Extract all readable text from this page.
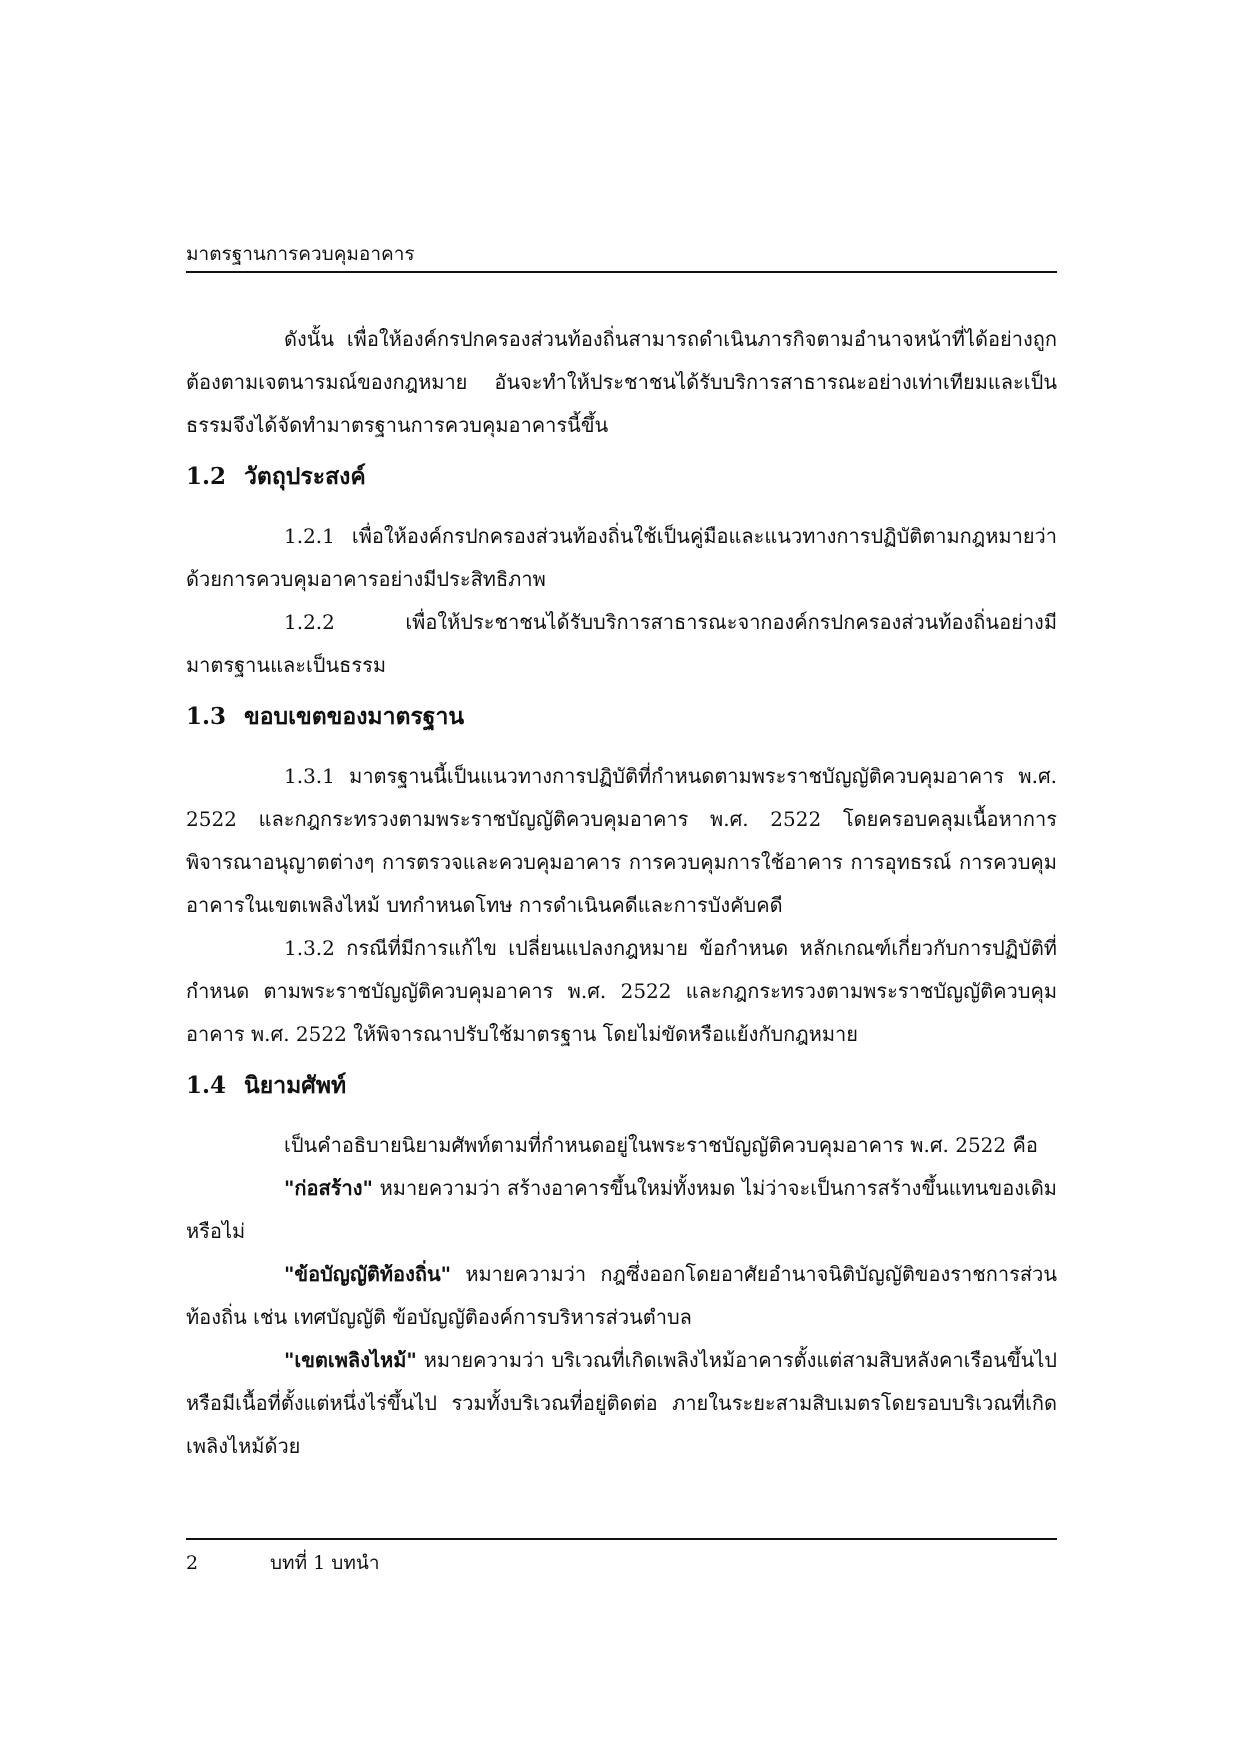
มาตรฐานการควบคุมอาคาร

ดังนั้น เพื่อให้องค์กรปกครองส่วนท้องถิ่นสามารถดำเนินภารกิจตามอำนาจหน้าที่ได้อย่างถูกต้องตามเจตนารมณ์ของกฎหมาย อันจะทำให้ประชาชนได้รับบริการสาธารณะอย่างเท่าเทียมและเป็นธรรมจึงได้จัดทำมาตรฐานการควบคุมอาคารนี้ขึ้น

1.2 วัตถุประสงค์

1.2.1 เพื่อให้องค์กรปกครองส่วนท้องถิ่นใช้เป็นคู่มือและแนวทางการปฏิบัติตามกฎหมายว่าด้วยการควบคุมอาคารอย่างมีประสิทธิภาพ

1.2.2 เพื่อให้ประชาชนได้รับบริการสาธารณะจากองค์กรปกครองส่วนท้องถิ่นอย่างมีมาตรฐานและเป็นธรรม

1.3 ขอบเขตของมาตรฐาน

1.3.1 มาตรฐานนี้เป็นแนวทางการปฏิบัติที่กำหนดตามพระราชบัญญัติควบคุมอาคาร พ.ศ. 2522 และกฎกระทรวงตามพระราชบัญญัติควบคุมอาคาร พ.ศ. 2522 โดยครอบคลุมเนื้อหาการพิจารณาอนุญาตต่างๆ การตรวจและควบคุมอาคาร การควบคุมการใช้อาคาร การอุทธรณ์ การควบคุมอาคารในเขตเพลิงไหม้ บทกำหนดโทษ การดำเนินคดีและการบังคับคดี

1.3.2 กรณีที่มีการแก้ไข เปลี่ยนแปลงกฎหมาย ข้อกำหนด หลักเกณฑ์เกี่ยวกับการปฏิบัติที่กำหนด ตามพระราชบัญญัติควบคุมอาคาร พ.ศ. 2522 และกฎกระทรวงตามพระราชบัญญัติควบคุมอาคาร พ.ศ. 2522 ให้พิจารณาปรับใช้มาตรฐาน โดยไม่ขัดหรือแย้งกับกฎหมาย

1.4 นิยามศัพท์

เป็นคำอธิบายนิยามศัพท์ตามที่กำหนดอยู่ในพระราชบัญญัติควบคุมอาคาร พ.ศ. 2522 คือ

"ก่อสร้าง" หมายความว่า สร้างอาคารขึ้นใหม่ทั้งหมด ไม่ว่าจะเป็นการสร้างขึ้นแทนของเดิมหรือไม่

"ข้อบัญญัติท้องถิ่น" หมายความว่า กฎซึ่งออกโดยอาศัยอำนาจนิติบัญญัติของราชการส่วนท้องถิ่น เช่น เทศบัญญัติ ข้อบัญญัติองค์การบริหารส่วนตำบล

"เขตเพลิงไหม้" หมายความว่า บริเวณที่เกิดเพลิงไหม้อาคารตั้งแต่สามสิบหลังคาเรือนขึ้นไปหรือมีเนื้อที่ตั้งแต่หนึ่งไร่ขึ้นไป รวมทั้งบริเวณที่อยู่ติดต่อ ภายในระยะสามสิบเมตรโดยรอบบริเวณที่เกิดเพลิงไหม้ด้วย

2	บทที่ 1 บทนำ
